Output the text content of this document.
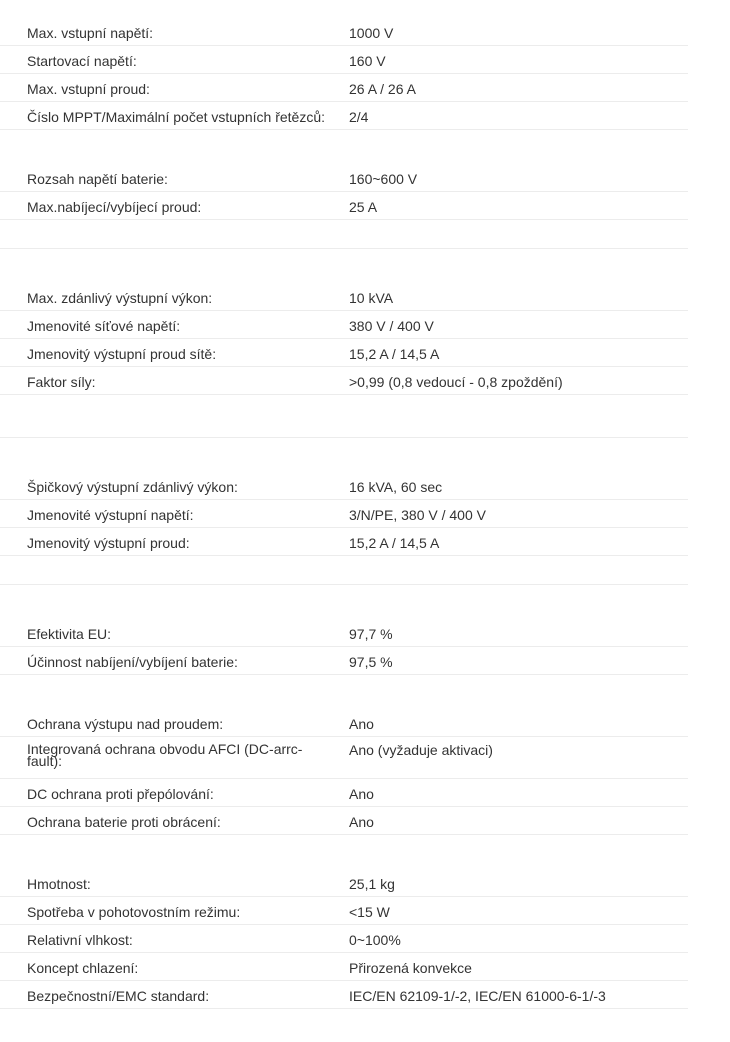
Max. vstupní napětí:	1000 V
Startovací napětí:	160 V
Max. vstupní proud:	26 A / 26 A
Číslo MPPT/Maximální počet vstupních řetězců:	2/4
Rozsah napětí baterie:	160~600 V
Max.nabíjecí/vybíjecí proud:	25 A
Max. zdánlivý výstupní výkon:	10 kVA
Jmenovité síťové napětí:	380 V / 400 V
Jmenovitý výstupní proud sítě:	15,2 A / 14,5 A
Faktor síly:	>0,99 (0,8 vedoucí - 0,8 zpoždění)
Špičkový výstupní zdánlivý výkon:	16 kVA, 60 sec
Jmenovité výstupní napětí:	3/N/PE, 380 V / 400 V
Jmenovitý výstupní proud:	15,2 A / 14,5 A
Efektivita EU:	97,7 %
Účinnost nabíjení/vybíjení baterie:	97,5 %
Ochrana výstupu nad proudem:	Ano
Integrovaná ochrana obvodu AFCI (DC-arrc-fault):
Ano (vyžaduje aktivaci)
DC ochrana proti přepólování:	Ano
Ochrana baterie proti obrácení:	Ano
Hmotnost:	25,1 kg
Spotřeba v pohotovostním režimu:	<15 W
Relativní vlhkost:	0~100%
Koncept chlazení:	Přirozená konvekce
Bezpečnostní/EMC standard:	IEC/EN 62109-1/-2, IEC/EN 61000-6-1/-3
